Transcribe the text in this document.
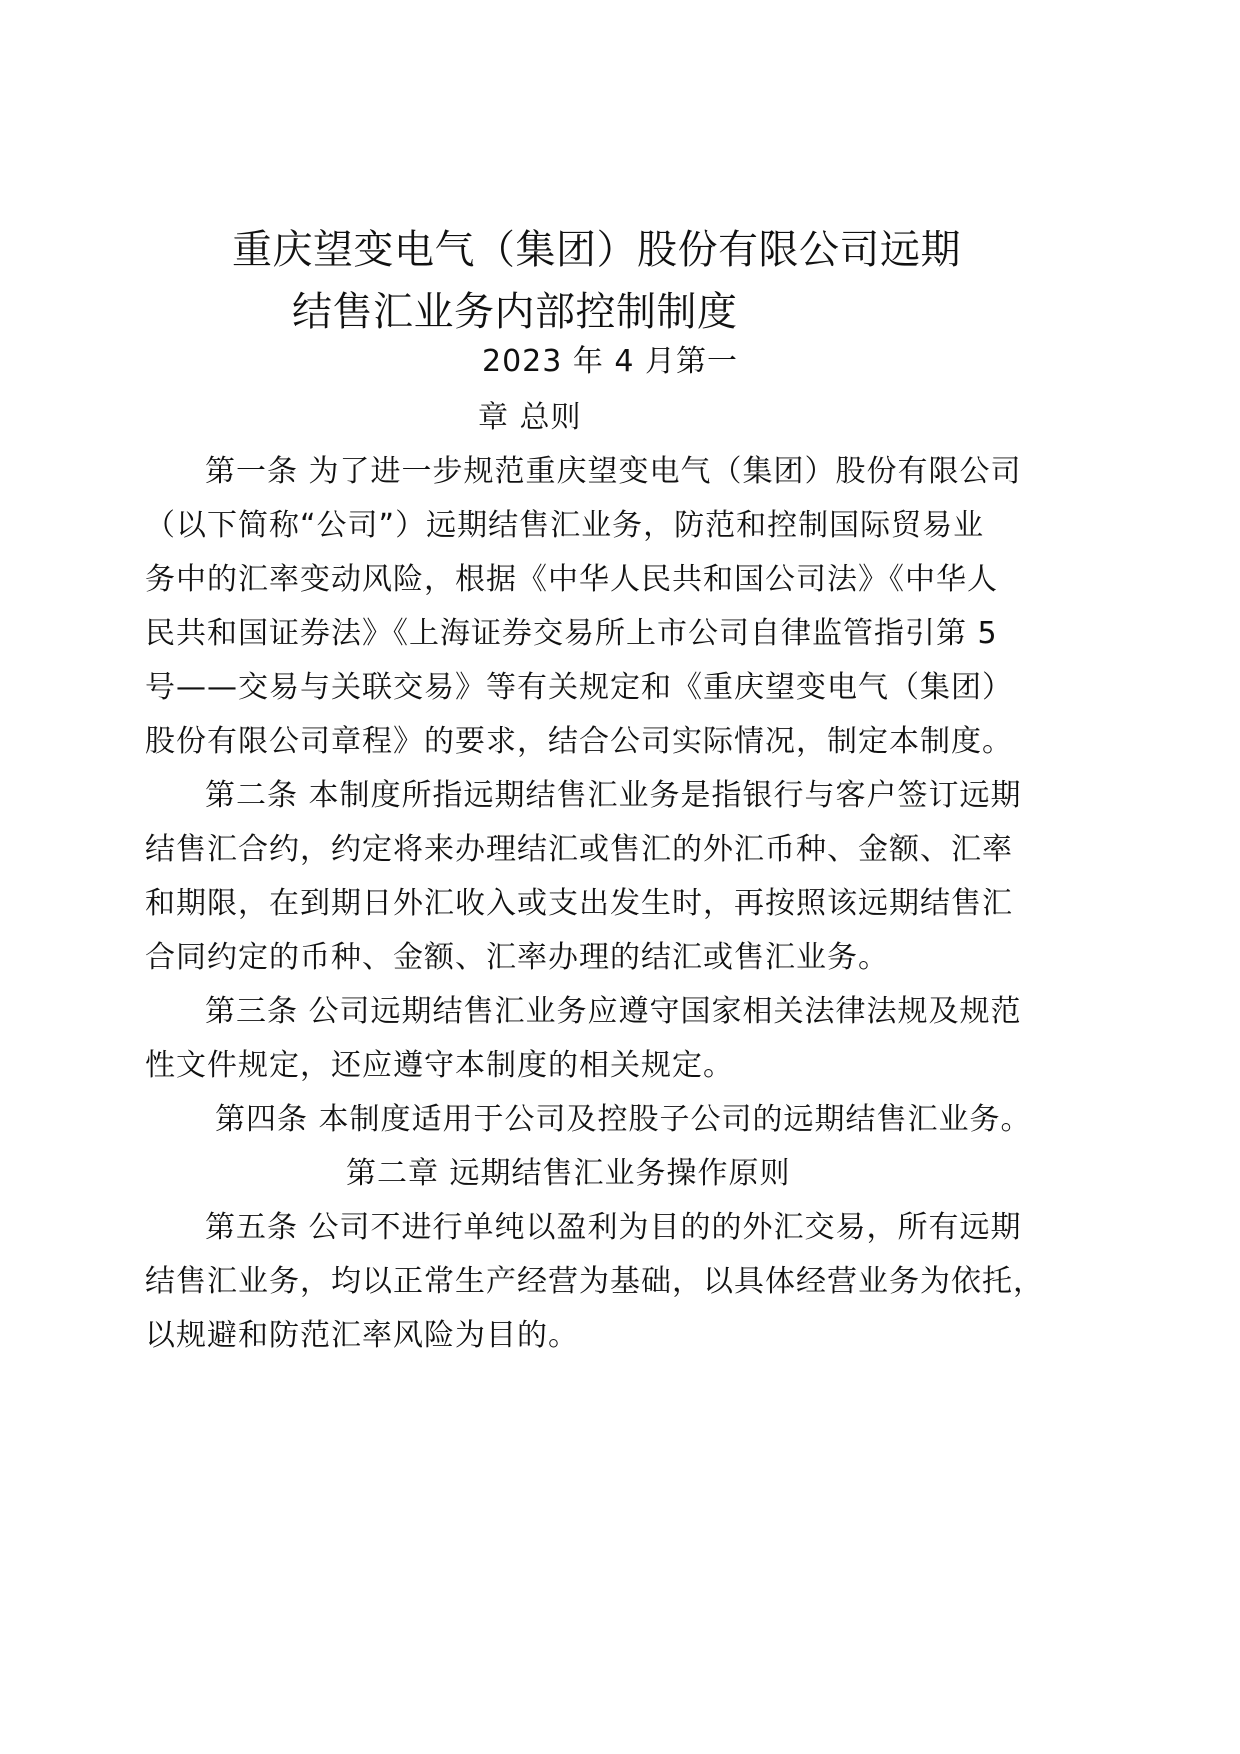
重庆望变电气（集团）股份有限公司远期
结售汇业务内部控制制度
2023 年 4 月第一
章 总则
第一条 为了进一步规范重庆望变电气（集团）股份有限公司
（以下简称“公司”）远期结售汇业务，防范和控制国际贸易业
务中的汇率变动风险，根据《中华人民共和国公司法》《中华人
民共和国证券法》《上海证券交易所上市公司自律监管指引第 5
号——交易与关联交易》等有关规定和《重庆望变电气（集团）
股份有限公司章程》的要求，结合公司实际情况，制定本制度。
第二条 本制度所指远期结售汇业务是指银行与客户签订远期
结售汇合约，约定将来办理结汇或售汇的外汇币种、金额、汇率
和期限，在到期日外汇收入或支出发生时，再按照该远期结售汇
合同约定的币种、金额、汇率办理的结汇或售汇业务。
第三条 公司远期结售汇业务应遵守国家相关法律法规及规范
性文件规定，还应遵守本制度的相关规定。
第四条 本制度适用于公司及控股子公司的远期结售汇业务。
第二章 远期结售汇业务操作原则
第五条 公司不进行单纯以盈利为目的的外汇交易，所有远期
结售汇业务，均以正常生产经营为基础，以具体经营业务为依托，
以规避和防范汇率风险为目的。
